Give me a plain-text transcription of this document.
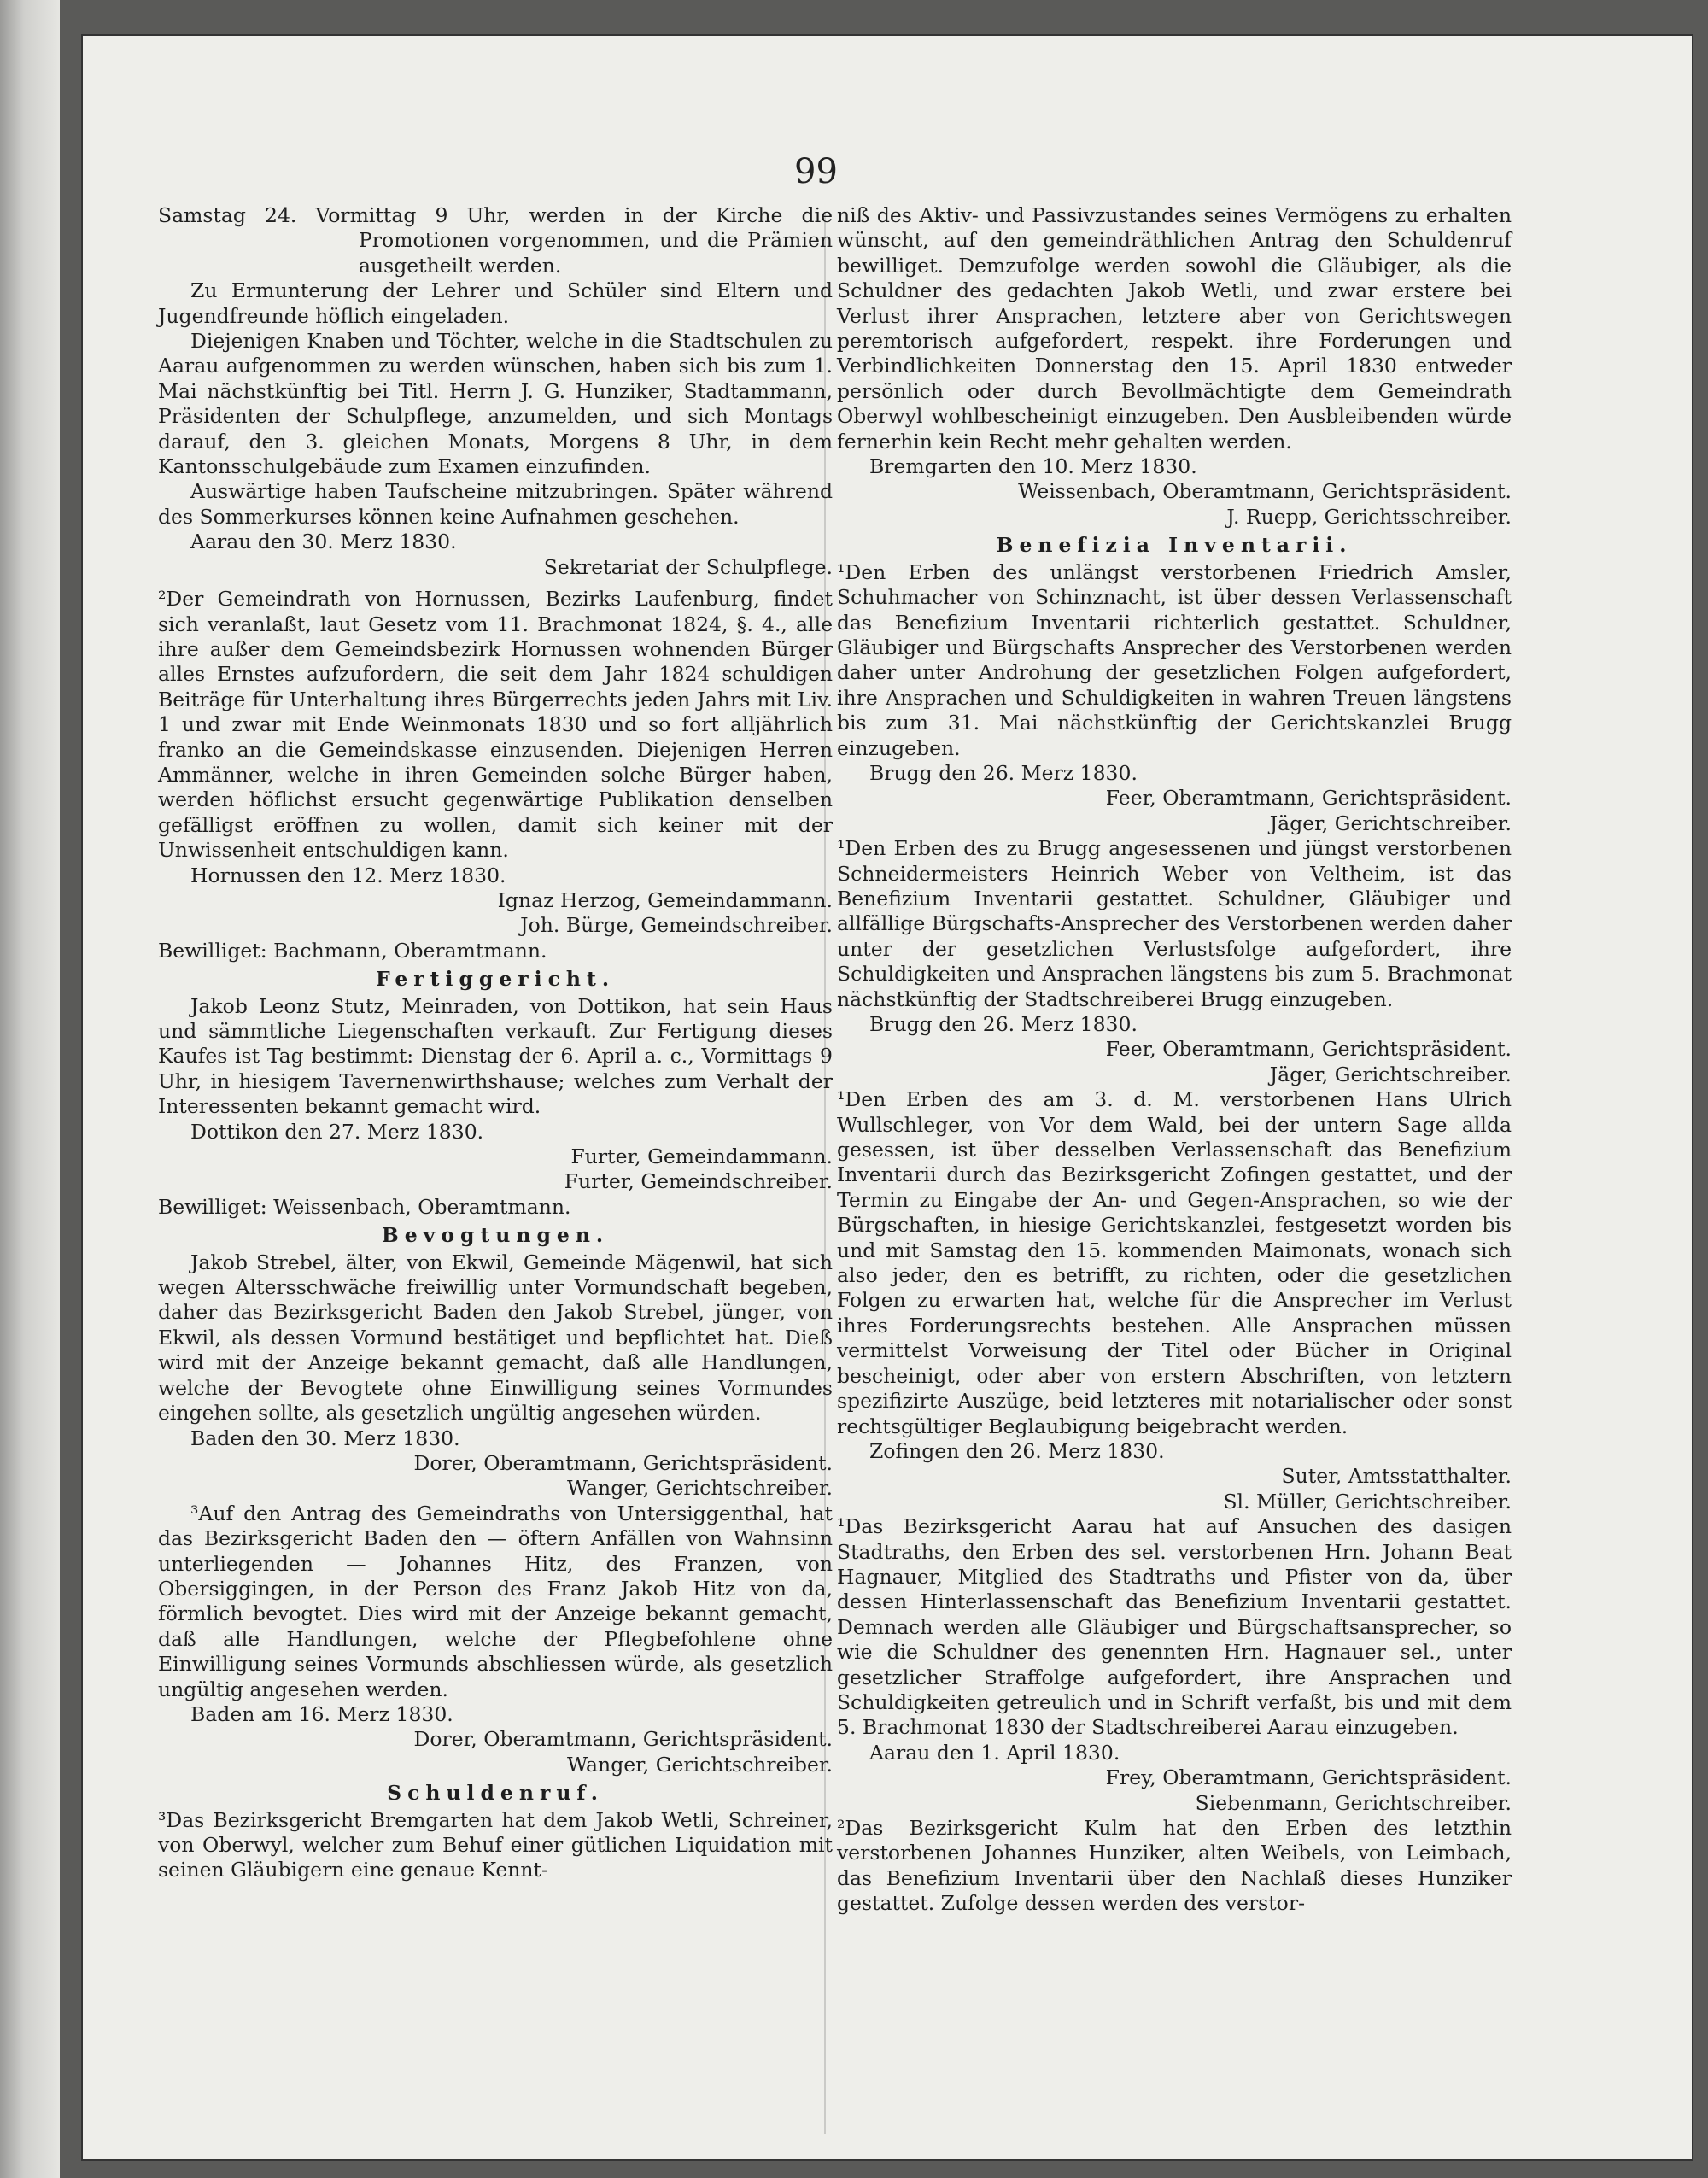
99

Samstag 24. Vormittag 9 Uhr, werden in der Kirche die Promotionen vorgenommen, und die Prämien ausgetheilt werden.

Zu Ermunterung der Lehrer und Schüler sind Eltern und Jugendfreunde höflich eingeladen.

Diejenigen Knaben und Töchter, welche in die Stadtschulen zu Aarau aufgenommen zu werden wünschen, haben sich bis zum 1. Mai nächstkünftig bei Titl. Herrn J. G. Hunziker, Stadtammann, Präsidenten der Schulpflege, anzumelden, und sich Montags darauf, den 3. gleichen Monats, Morgens 8 Uhr, in dem Kantonsschulgebäude zum Examen einzufinden.

Auswärtige haben Taufscheine mitzubringen. Später während des Sommerkurses können keine Aufnahmen geschehen.

Aarau den 30. Merz 1830.

Sekretariat der Schulpflege.

²Der Gemeindrath von Hornussen, Bezirks Laufenburg, findet sich veranlaßt, laut Gesetz vom 11. Brachmonat 1824, §. 4., alle ihre außer dem Gemeindsbezirk Hornussen wohnenden Bürger alles Ernstes aufzufordern, die seit dem Jahr 1824 schuldigen Beiträge für Unterhaltung ihres Bürgerrechts jeden Jahrs mit Liv. 1 und zwar mit Ende Weinmonats 1830 und so fort alljährlich franko an die Gemeindskasse einzusenden. Diejenigen Herren Ammänner, welche in ihren Gemeinden solche Bürger haben, werden höflichst ersucht gegenwärtige Publikation denselben gefälligst eröffnen zu wollen, damit sich keiner mit der Unwissenheit entschuldigen kann.

Hornussen den 12. Merz 1830.

Ignaz Herzog, Gemeindammann.

Joh. Bürge, Gemeindschreiber.

Bewilliget: Bachmann, Oberamtmann.

Fertiggericht.

Jakob Leonz Stutz, Meinraden, von Dottikon, hat sein Haus und sämmtliche Liegenschaften verkauft. Zur Fertigung dieses Kaufes ist Tag bestimmt: Dienstag der 6. April a. c., Vormittags 9 Uhr, in hiesigem Tavernenwirthshause; welches zum Verhalt der Interessenten bekannt gemacht wird.

Dottikon den 27. Merz 1830.

Furter, Gemeindammann.

Furter, Gemeindschreiber.

Bewilliget: Weissenbach, Oberamtmann.

Bevogtungen.

Jakob Strebel, älter, von Ekwil, Gemeinde Mägenwil, hat sich wegen Altersschwäche freiwillig unter Vormundschaft begeben, daher das Bezirksgericht Baden den Jakob Strebel, jünger, von Ekwil, als dessen Vormund bestätiget und bepflichtet hat. Dieß wird mit der Anzeige bekannt gemacht, daß alle Handlungen, welche der Bevogtete ohne Einwilligung seines Vormundes eingehen sollte, als gesetzlich ungültig angesehen würden.

Baden den 30. Merz 1830.

Dorer, Oberamtmann, Gerichtspräsident.

Wanger, Gerichtschreiber.

³Auf den Antrag des Gemeindraths von Untersiggenthal, hat das Bezirksgericht Baden den — öftern Anfällen von Wahnsinn unterliegenden — Johannes Hitz, des Franzen, von Obersiggingen, in der Person des Franz Jakob Hitz von da, förmlich bevogtet. Dies wird mit der Anzeige bekannt gemacht, daß alle Handlungen, welche der Pflegbefohlene ohne Einwilligung seines Vormunds abschliessen würde, als gesetzlich ungültig angesehen werden.

Baden am 16. Merz 1830.

Dorer, Oberamtmann, Gerichtspräsident.

Wanger, Gerichtschreiber.

Schuldenruf.

³Das Bezirksgericht Bremgarten hat dem Jakob Wetli, Schreiner, von Oberwyl, welcher zum Behuf einer gütlichen Liquidation mit seinen Gläubigern eine genaue Kennt-

niß des Aktiv- und Passivzustandes seines Vermögens zu erhalten wünscht, auf den gemeindräthlichen Antrag den Schuldenruf bewilliget. Demzufolge werden sowohl die Gläubiger, als die Schuldner des gedachten Jakob Wetli, und zwar erstere bei Verlust ihrer Ansprachen, letztere aber von Gerichtswegen peremtorisch aufgefordert, respekt. ihre Forderungen und Verbindlichkeiten Donnerstag den 15. April 1830 entweder persönlich oder durch Bevollmächtigte dem Gemeindrath Oberwyl wohlbescheinigt einzugeben. Den Ausbleibenden würde fernerhin kein Recht mehr gehalten werden.

Bremgarten den 10. Merz 1830.

Weissenbach, Oberamtmann, Gerichtspräsident.

J. Ruepp, Gerichtsschreiber.

Benefizia Inventarii.

¹Den Erben des unlängst verstorbenen Friedrich Amsler, Schuhmacher von Schinznacht, ist über dessen Verlassenschaft das Benefizium Inventarii richterlich gestattet. Schuldner, Gläubiger und Bürgschafts Ansprecher des Verstorbenen werden daher unter Androhung der gesetzlichen Folgen aufgefordert, ihre Ansprachen und Schuldigkeiten in wahren Treuen längstens bis zum 31. Mai nächstkünftig der Gerichtskanzlei Brugg einzugeben.

Brugg den 26. Merz 1830.

Feer, Oberamtmann, Gerichtspräsident.

Jäger, Gerichtschreiber.

¹Den Erben des zu Brugg angesessenen und jüngst verstorbenen Schneidermeisters Heinrich Weber von Veltheim, ist das Benefizium Inventarii gestattet. Schuldner, Gläubiger und allfällige Bürgschafts-Ansprecher des Verstorbenen werden daher unter der gesetzlichen Verlustsfolge aufgefordert, ihre Schuldigkeiten und Ansprachen längstens bis zum 5. Brachmonat nächstkünftig der Stadtschreiberei Brugg einzugeben.

Brugg den 26. Merz 1830.

Feer, Oberamtmann, Gerichtspräsident.

Jäger, Gerichtschreiber.

¹Den Erben des am 3. d. M. verstorbenen Hans Ulrich Wullschleger, von Vor dem Wald, bei der untern Sage allda gesessen, ist über desselben Verlassenschaft das Benefizium Inventarii durch das Bezirksgericht Zofingen gestattet, und der Termin zu Eingabe der An- und Gegen-Ansprachen, so wie der Bürgschaften, in hiesige Gerichtskanzlei, festgesetzt worden bis und mit Samstag den 15. kommenden Maimonats, wonach sich also jeder, den es betrifft, zu richten, oder die gesetzlichen Folgen zu erwarten hat, welche für die Ansprecher im Verlust ihres Forderungsrechts bestehen. Alle Ansprachen müssen vermittelst Vorweisung der Titel oder Bücher in Original bescheinigt, oder aber von erstern Abschriften, von letztern spezifizirte Auszüge, beid letzteres mit notarialischer oder sonst rechtsgültiger Beglaubigung beigebracht werden.

Zofingen den 26. Merz 1830.

Suter, Amtsstatthalter.

Sl. Müller, Gerichtschreiber.

¹Das Bezirksgericht Aarau hat auf Ansuchen des dasigen Stadtraths, den Erben des sel. verstorbenen Hrn. Johann Beat Hagnauer, Mitglied des Stadtraths und Pfister von da, über dessen Hinterlassenschaft das Benefizium Inventarii gestattet. Demnach werden alle Gläubiger und Bürgschaftsansprecher, so wie die Schuldner des genennten Hrn. Hagnauer sel., unter gesetzlicher Straffolge aufgefordert, ihre Ansprachen und Schuldigkeiten getreulich und in Schrift verfaßt, bis und mit dem 5. Brachmonat 1830 der Stadtschreiberei Aarau einzugeben.

Aarau den 1. April 1830.

Frey, Oberamtmann, Gerichtspräsident.

Siebenmann, Gerichtschreiber.

²Das Bezirksgericht Kulm hat den Erben des letzthin verstorbenen Johannes Hunziker, alten Weibels, von Leimbach, das Benefizium Inventarii über den Nachlaß dieses Hunziker gestattet. Zufolge dessen werden des verstor-
